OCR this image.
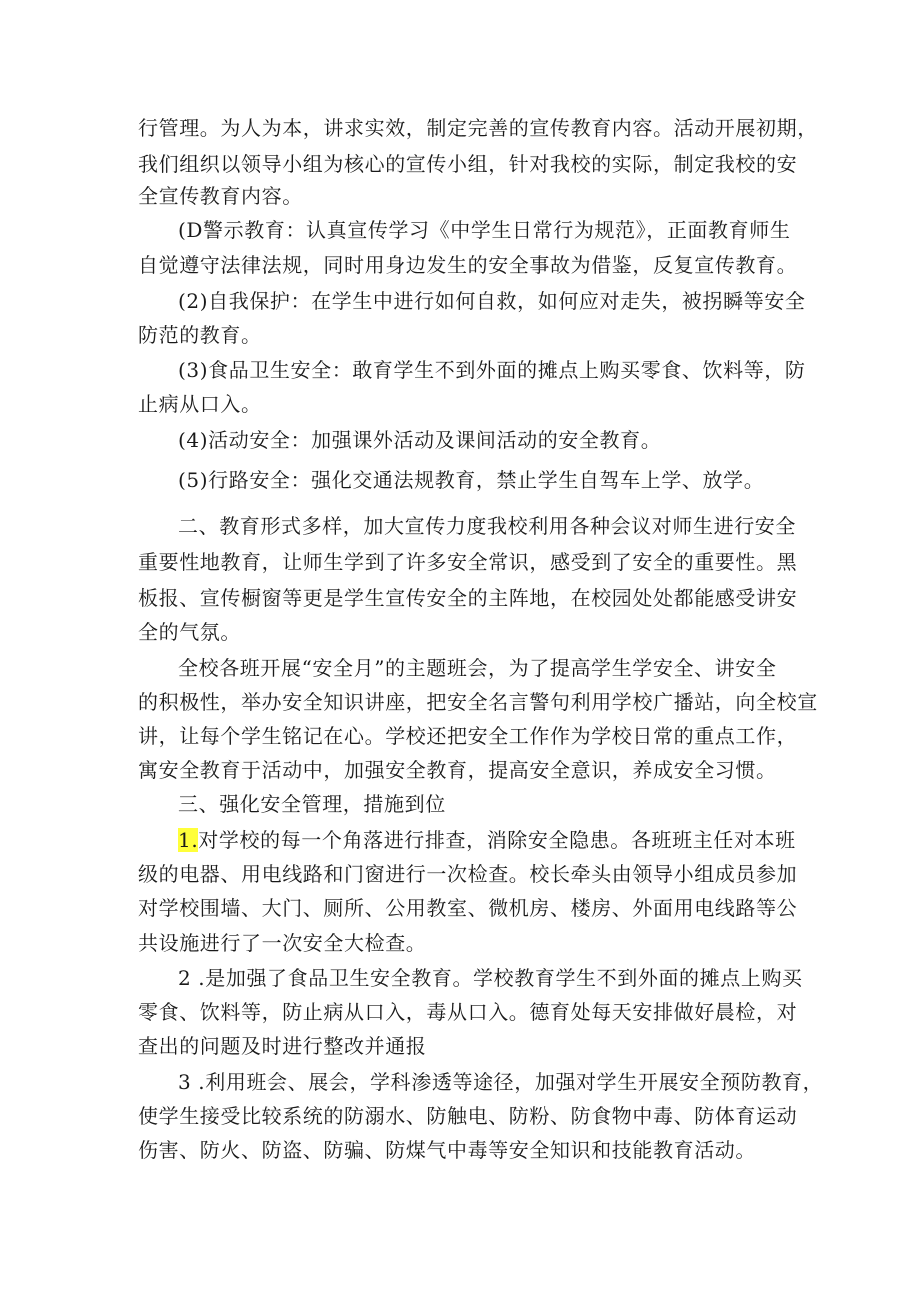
行管理。为人为本，讲求实效，制定完善的宣传教育内容。活动开展初期，
我们组织以领导小组为核心的宣传小组，针对我校的实际，制定我校的安
全宣传教育内容。
(D警示教育：认真宣传学习《中学生日常行为规范》，正面教育师生
自觉遵守法律法规，同时用身边发生的安全事故为借鉴，反复宣传教育。
(2)自我保护：在学生中进行如何自救，如何应对走失，被拐瞬等安全
防范的教育。
(3)食品卫生安全：敢育学生不到外面的摊点上购买零食、饮料等，防
止病从口入。
(4)活动安全：加强课外活动及课间活动的安全教育。
(5)行路安全：强化交通法规教育，禁止学生自驾车上学、放学。
二、教育形式多样，加大宣传力度我校利用各种会议对师生进行安全
重要性地教育，让师生学到了许多安全常识，感受到了安全的重要性。黑
板报、宣传橱窗等更是学生宣传安全的主阵地，在校园处处都能感受讲安
全的气氛。
全校各班开展“安全月”的主题班会，为了提高学生学安全、讲安全
的积极性，举办安全知识讲座，把安全名言警句利用学校广播站，向全校宣
讲，让每个学生铭记在心。学校还把安全工作作为学校日常的重点工作，
寓安全教育于活动中，加强安全教育，提高安全意识，养成安全习惯。
三、强化安全管理，措施到位
1.对学校的每一个角落进行排查，消除安全隐患。各班班主任对本班
级的电器、用电线路和门窗进行一次检查。校长牵头由领导小组成员参加
对学校围墙、大门、厕所、公用教室、微机房、楼房、外面用电线路等公
共设施进行了一次安全大检查。
2 .是加强了食品卫生安全教育。学校教育学生不到外面的摊点上购买
零食、饮料等，防止病从口入，毒从口入。德育处每天安排做好晨检，对
查出的问题及时进行整改并通报
3 .利用班会、展会，学科渗透等途径，加强对学生开展安全预防教育，
使学生接受比较系统的防溺水、防触电、防粉、防食物中毒、防体育运动
伤害、防火、防盗、防骗、防煤气中毒等安全知识和技能教育活动。
